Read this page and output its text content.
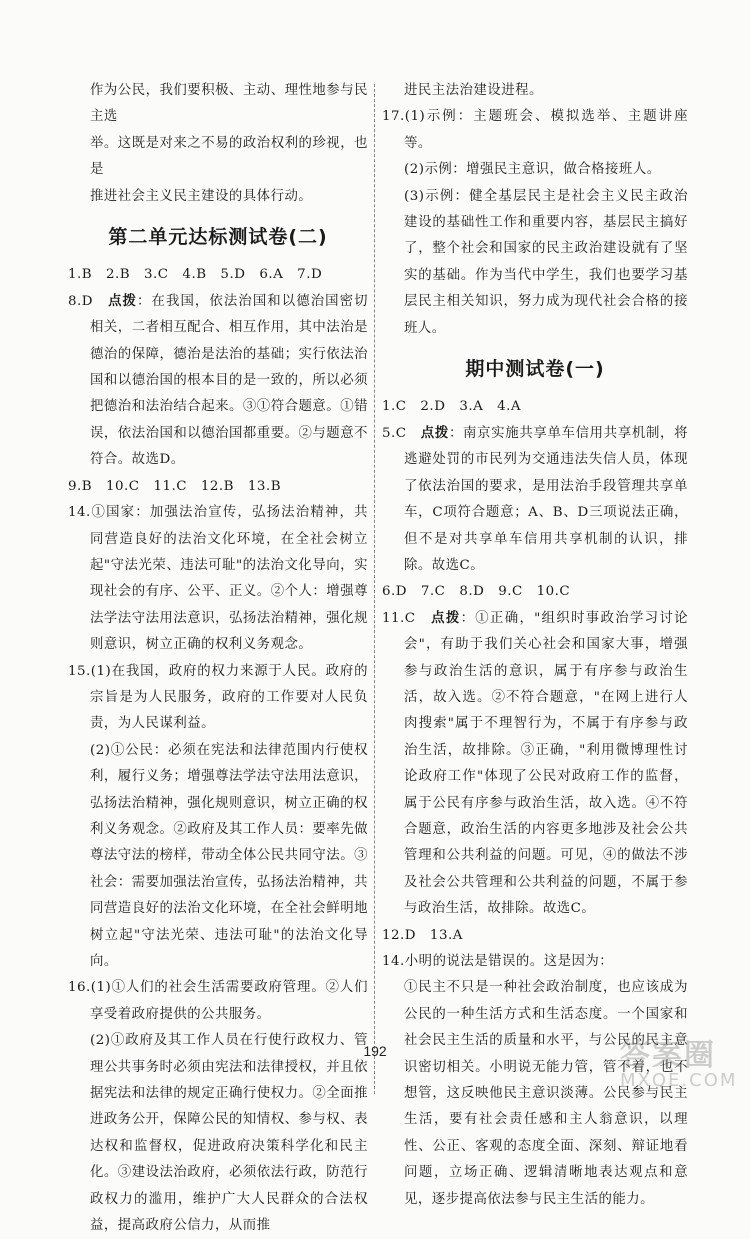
作为公民，我们要积极、主动、理性地参与民主选

举。这既是对来之不易的政治权利的珍视，也是

推进社会主义民主建设的具体行动。

第二单元达标测试卷(二)

1.B　2.B　3.C　4.B　5.D　6.A　7.D

8.D　 点拨：在我国，依法治国和以德治国密切相关，二者相互配合、相互作用，其中法治是德治的保障，德治是法治的基础；实行依法治国和以德治国的根本目的是一致的，所以必须把德治和法治结合起来。③①符合题意。①错误，依法治国和以德治国都重要。②与题意不符合。故选D。

9.B　10.C　11.C　12.B　13.B

14.①国家：加强法治宣传，弘扬法治精神，共同营造良好的法治文化环境，在全社会树立起"守法光荣、违法可耻"的法治文化导向，实现社会的有序、公平、正义。②个人：增强尊法学法守法用法意识，弘扬法治精神，强化规则意识，树立正确的权利义务观念。

15.(1)在我国，政府的权力来源于人民。政府的宗旨是为人民服务，政府的工作要对人民负责，为人民谋利益。

(2)①公民：必须在宪法和法律范围内行使权利，履行义务；增强尊法学法守法用法意识，弘扬法治精神，强化规则意识，树立正确的权利义务观念。②政府及其工作人员：要率先做尊法守法的榜样，带动全体公民共同守法。③社会：需要加强法治宣传，弘扬法治精神，共同营造良好的法治文化环境，在全社会鲜明地树立起"守法光荣、违法可耻"的法治文化导向。

16.(1)①人们的社会生活需要政府管理。②人们享受着政府提供的公共服务。

(2)①政府及其工作人员在行使行政权力、管理公共事务时必须由宪法和法律授权，并且依据宪法和法律的规定正确行使权力。②全面推进政务公开，保障公民的知情权、参与权、表达权和监督权，促进政府决策科学化和民主化。③建设法治政府，必须依法行政，防范行政权力的滥用，维护广大人民群众的合法权益，提高政府公信力，从而推

进民主法治建设进程。

17.(1)示例：主题班会、模拟选举、主题讲座等。

(2)示例：增强民主意识，做合格接班人。

(3)示例：健全基层民主是社会主义民主政治建设的基础性工作和重要内容，基层民主搞好了，整个社会和国家的民主政治建设就有了坚实的基础。作为当代中学生，我们也要学习基层民主相关知识，努力成为现代社会合格的接班人。

期中测试卷(一)

1.C　2.D　3.A　4.A

5.C　 点拨：南京实施共享单车信用共享机制，将逃避处罚的市民列为交通违法失信人员，体现了依法治国的要求，是用法治手段管理共享单车，C项符合题意；A、B、D三项说法正确，但不是对共享单车信用共享机制的认识，排除。故选C。

6.D　7.C　8.D　9.C　10.C

11.C　 点拨：①正确，"组织时事政治学习讨论会"，有助于我们关心社会和国家大事，增强参与政治生活的意识，属于有序参与政治生活，故入选。②不符合题意，"在网上进行人肉搜索"属于不理智行为，不属于有序参与政治生活，故排除。③正确，"利用微博理性讨论政府工作"体现了公民对政府工作的监督，属于公民有序参与政治生活，故入选。④不符合题意，政治生活的内容更多地涉及社会公共管理和公共利益的问题。可见，④的做法不涉及社会公共管理和公共利益的问题，不属于参与政治生活，故排除。故选C。

12.D　13.A

14.小明的说法是错误的。这是因为：

①民主不只是一种社会政治制度，也应该成为公民的一种生活方式和生活态度。一个国家和社会民主生活的质量和水平，与公民的民主意识密切相关。小明说无能力管，管不着，也不想管，这反映他民主意识淡薄。公民参与民主生活，要有社会责任感和主人翁意识，以理性、公正、客观的态度全面、深刻、辩证地看问题，立场正确、逻辑清晰地表达观点和意见，逐步提高依法参与民主生活的能力。

192	答案圈
MXQE.COM
